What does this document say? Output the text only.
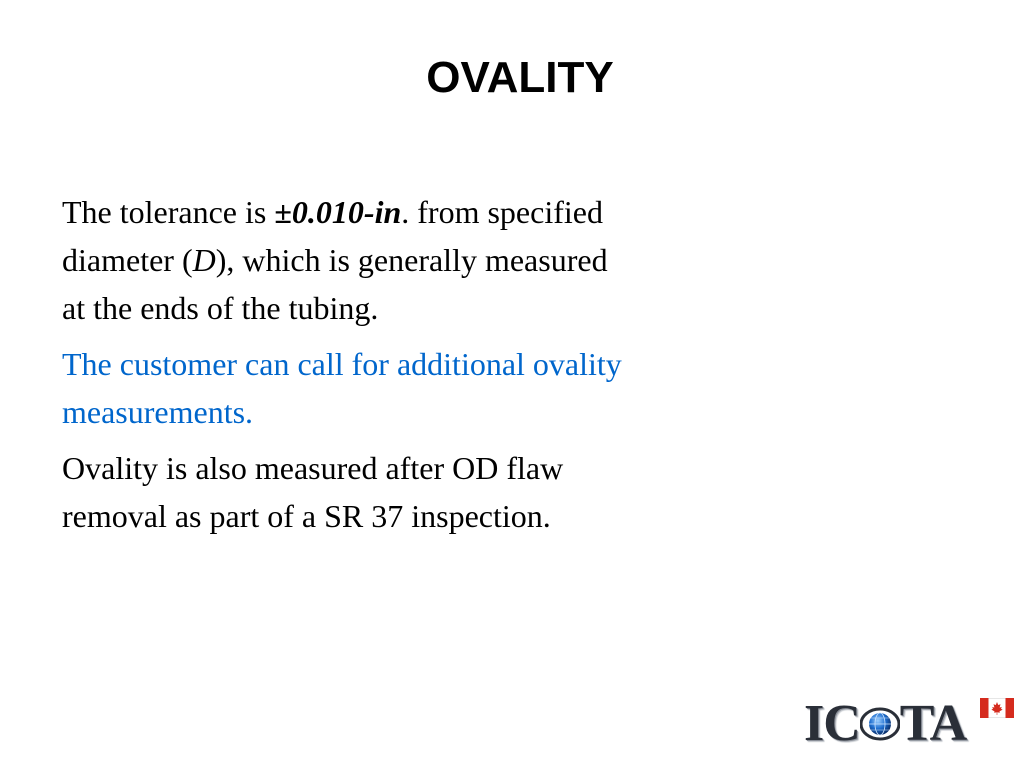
OVALITY

The tolerance is ±0.010-in. from specified diameter (D), which is generally measured at the ends of the tubing.

The customer can call for additional ovality measurements.

Ovality is also measured after OD flaw removal as part of a SR 37 inspection.

IC TA
